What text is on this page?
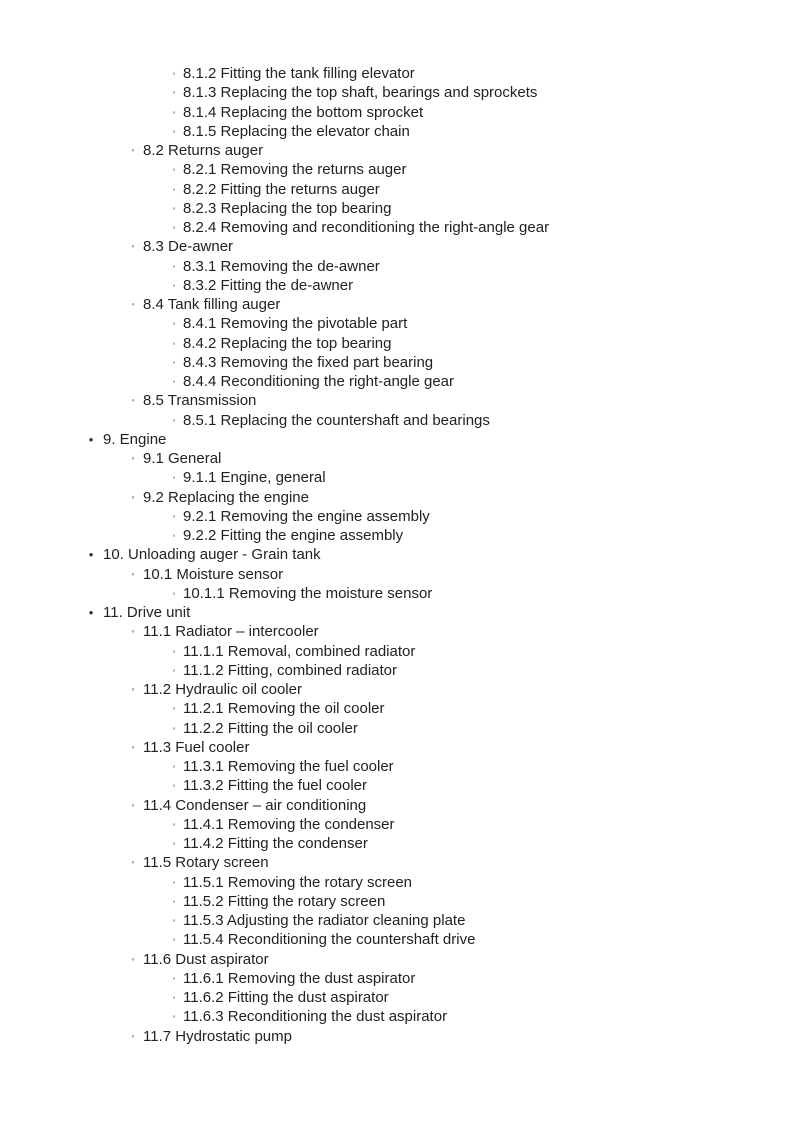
◦ 8.1.2 Fitting the tank filling elevator
◦ 8.1.3 Replacing the top shaft, bearings and sprockets
◦ 8.1.4 Replacing the bottom sprocket
◦ 8.1.5 Replacing the elevator chain
◦ 8.2 Returns auger
◦ 8.2.1 Removing the returns auger
◦ 8.2.2 Fitting the returns auger
◦ 8.2.3 Replacing the top bearing
◦ 8.2.4 Removing and reconditioning the right-angle gear
◦ 8.3 De-awner
◦ 8.3.1 Removing the de-awner
◦ 8.3.2 Fitting the de-awner
◦ 8.4 Tank filling auger
◦ 8.4.1 Removing the pivotable part
◦ 8.4.2 Replacing the top bearing
◦ 8.4.3 Removing the fixed part bearing
◦ 8.4.4 Reconditioning the right-angle gear
◦ 8.5 Transmission
◦ 8.5.1 Replacing the countershaft and bearings
• 9. Engine
◦ 9.1 General
◦ 9.1.1 Engine, general
◦ 9.2 Replacing the engine
◦ 9.2.1 Removing the engine assembly
◦ 9.2.2 Fitting the engine assembly
• 10. Unloading auger - Grain tank
◦ 10.1 Moisture sensor
◦ 10.1.1 Removing the moisture sensor
• 11. Drive unit
◦ 11.1 Radiator – intercooler
◦ 11.1.1 Removal, combined radiator
◦ 11.1.2 Fitting, combined radiator
◦ 11.2 Hydraulic oil cooler
◦ 11.2.1 Removing the oil cooler
◦ 11.2.2 Fitting the oil cooler
◦ 11.3 Fuel cooler
◦ 11.3.1 Removing the fuel cooler
◦ 11.3.2 Fitting the fuel cooler
◦ 11.4 Condenser – air conditioning
◦ 11.4.1 Removing the condenser
◦ 11.4.2 Fitting the condenser
◦ 11.5 Rotary screen
◦ 11.5.1 Removing the rotary screen
◦ 11.5.2 Fitting the rotary screen
◦ 11.5.3 Adjusting the radiator cleaning plate
◦ 11.5.4 Reconditioning the countershaft drive
◦ 11.6 Dust aspirator
◦ 11.6.1 Removing the dust aspirator
◦ 11.6.2 Fitting the dust aspirator
◦ 11.6.3 Reconditioning the dust aspirator
◦ 11.7 Hydrostatic pump
